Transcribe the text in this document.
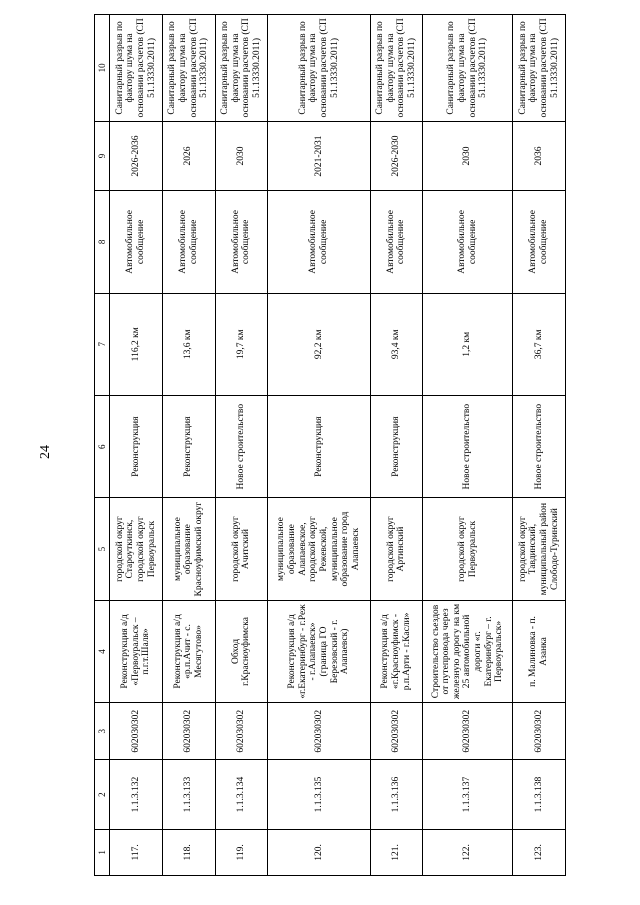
24
1	2	3	4	5	6	7	8	9	10
117.	1.1.3.132	602030302	Реконструкция а/д «Первоуральск – п.г.т.Шаля»	городской округ Староуткинск, городской округ Первоуральск	Реконструкция	116,2 км	Автомобильное сообщение	2026-2036	Санитарный разрыв по фактору шума на основании расчетов (СП 51.13330.2011)
118.	1.1.3.133	602030302	Реконструкция а/д «р.п.Ачит - с. Месягутово»	муниципальное образование Красноуфимский округ	Реконструкция	13,6 км	Автомобильное сообщение	2026	Санитарный разрыв по фактору шума на основании расчетов (СП 51.13330.2011)
119.	1.1.3.134	602030302	Обход г.Красноуфимска	городской округ Ачитский	Новое строительство	19,7 км	Автомобильное сообщение	2030	Санитарный разрыв по фактору шума на основании расчетов (СП 51.13330.2011)
120.	1.1.3.135	602030302	Реконструкция а/д «г.Екатеринбург - г.Реж - г.Алапаевск» (граница ГО Березовский - г. Алапаевск)	муниципальное образование Алапаевское, городской округ Режевской, муниципальное образование город Алапаевск	Реконструкция	92,2 км	Автомобильное сообщение	2021-2031	Санитарный разрыв по фактору шума на основании расчетов (СП 51.13330.2011)
121.	1.1.3.136	602030302	Реконструкция а/д «г.Красноуфимск - р.п.Арти - г.Касли»	городской округ Артинский	Реконструкция	93,4 км	Автомобильное сообщение	2026-2030	Санитарный разрыв по фактору шума на основании расчетов (СП 51.13330.2011)
122.	1.1.3.137	602030302	Строительство съездов от путепровода через железную дорогу на км 25 автомобильной дороги «г. Екатеринбург – г. Первоуральск»	городской округ Первоуральск	Новое строительство	1,2 км	Автомобильное сообщение	2030	Санитарный разрыв по фактору шума на основании расчетов (СП 51.13330.2011)
123.	1.1.3.138	602030302	п. Малиновка - п. Азанка	городской округ Тавдинский, муниципальный район Слободо-Туринский	Новое строительство	36,7 км	Автомобильное сообщение	2036	Санитарный разрыв по фактору шума на основании расчетов (СП 51.13330.2011)
